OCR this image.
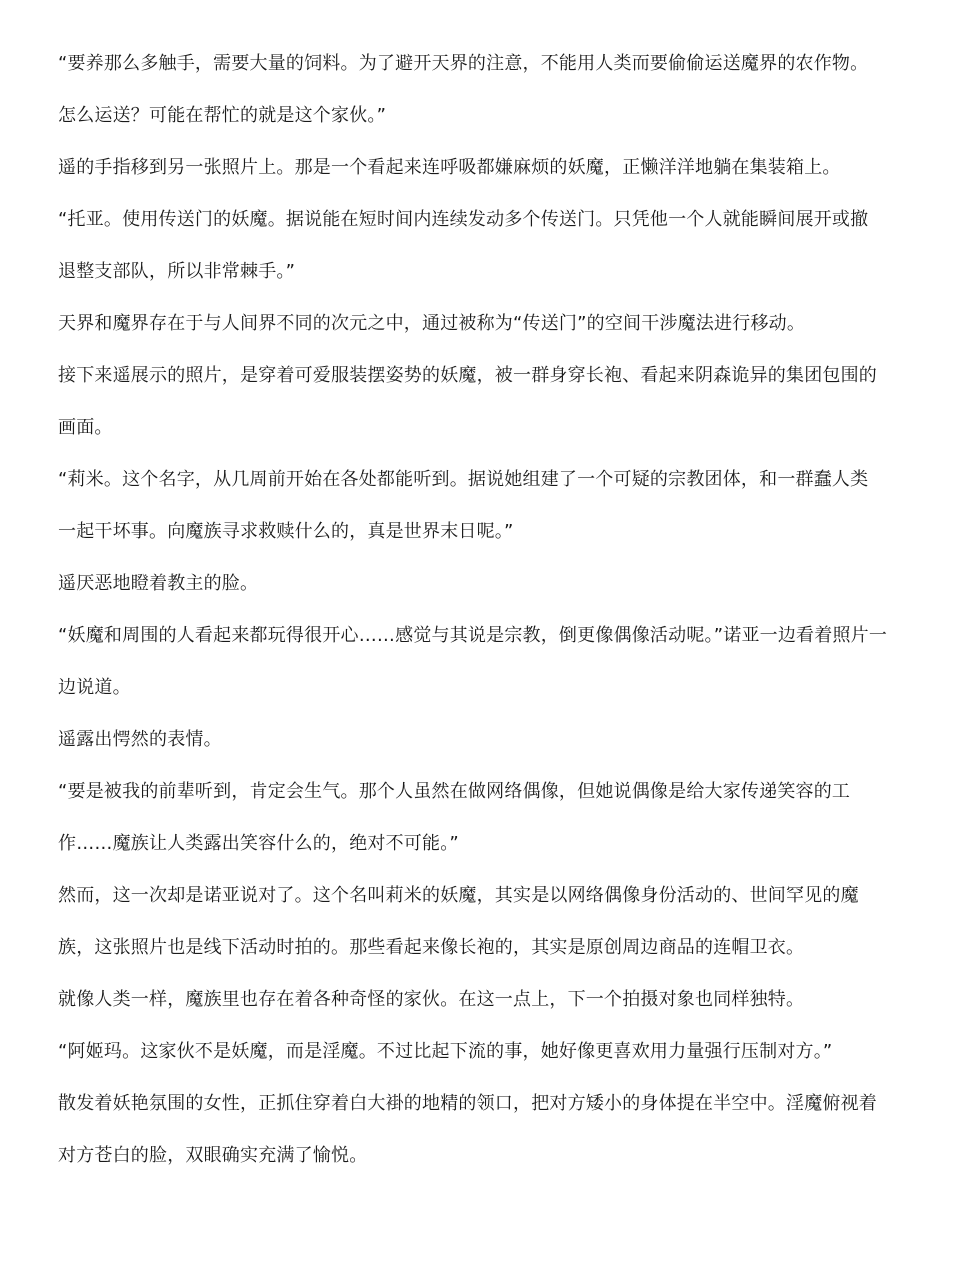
“要养那么多触手，需要大量的饲料。为了避开天界的注意，不能用人类而要偷偷运送魔界的农作物。
怎么运送？可能在帮忙的就是这个家伙。”
遥的手指移到另一张照片上。那是一个看起来连呼吸都嫌麻烦的妖魔，正懒洋洋地躺在集装箱上。
“托亚。使用传送门的妖魔。据说能在短时间内连续发动多个传送门。只凭他一个人就能瞬间展开或撤
退整支部队，所以非常棘手。”
天界和魔界存在于与人间界不同的次元之中，通过被称为“传送门”的空间干涉魔法进行移动。
接下来遥展示的照片，是穿着可爱服装摆姿势的妖魔，被一群身穿长袍、看起来阴森诡异的集团包围的
画面。
“莉米。这个名字，从几周前开始在各处都能听到。据说她组建了一个可疑的宗教团体，和一群蠢人类
一起干坏事。向魔族寻求救赎什么的，真是世界末日呢。”
遥厌恶地瞪着教主的脸。
“妖魔和周围的人看起来都玩得很开心……感觉与其说是宗教，倒更像偶像活动呢。”诺亚一边看着照片一
边说道。
遥露出愕然的表情。
“要是被我的前辈听到，肯定会生气。那个人虽然在做网络偶像，但她说偶像是给大家传递笑容的工
作……魔族让人类露出笑容什么的，绝对不可能。”
然而，这一次却是诺亚说对了。这个名叫莉米的妖魔，其实是以网络偶像身份活动的、世间罕见的魔
族，这张照片也是线下活动时拍的。那些看起来像长袍的，其实是原创周边商品的连帽卫衣。
就像人类一样，魔族里也存在着各种奇怪的家伙。在这一点上，下一个拍摄对象也同样独特。
“阿姬玛。这家伙不是妖魔，而是淫魔。不过比起下流的事，她好像更喜欢用力量强行压制对方。”
散发着妖艳氛围的女性，正抓住穿着白大褂的地精的领口，把对方矮小的身体提在半空中。淫魔俯视着
对方苍白的脸，双眼确实充满了愉悦。
